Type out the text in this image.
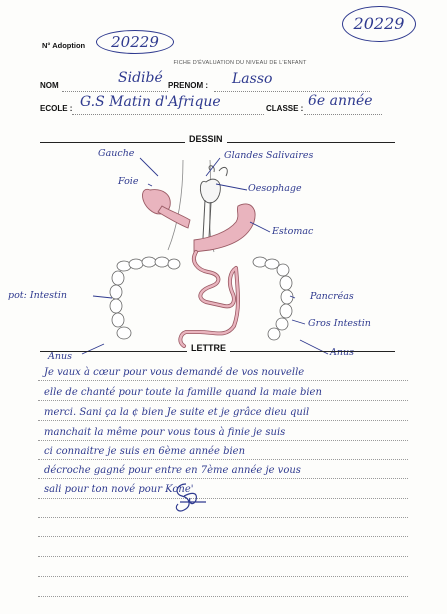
20229
N° Adoption	20229
FICHE D'ÉVALUATION DU NIVEAU DE L'ENFANT
NOM	Sidibé PRENOM : Lasso
ECOLE : G.S Matin d'Afrique	CLASSE : 6e année
DESSIN
Gauche	Glandes Salivaires
Foie
Oesophage
Estomac
pot: Intestin	Pancréas
Gros Intestin
Anus	Anus
LETTRE
Je vaux à cœur pour vous demandé de vos nouvelle
elle de chanté pour toute la famille quand la maie bien
merci. Sani ça la ¢ bien Je suite et je grâce dieu quil
manchait la même pour vous tous à finie je suis
ci connaitre je suis en 6ème année bien
décroche gagné pour entre en 7ème année je vous
sali pour ton nové pour Kone'
